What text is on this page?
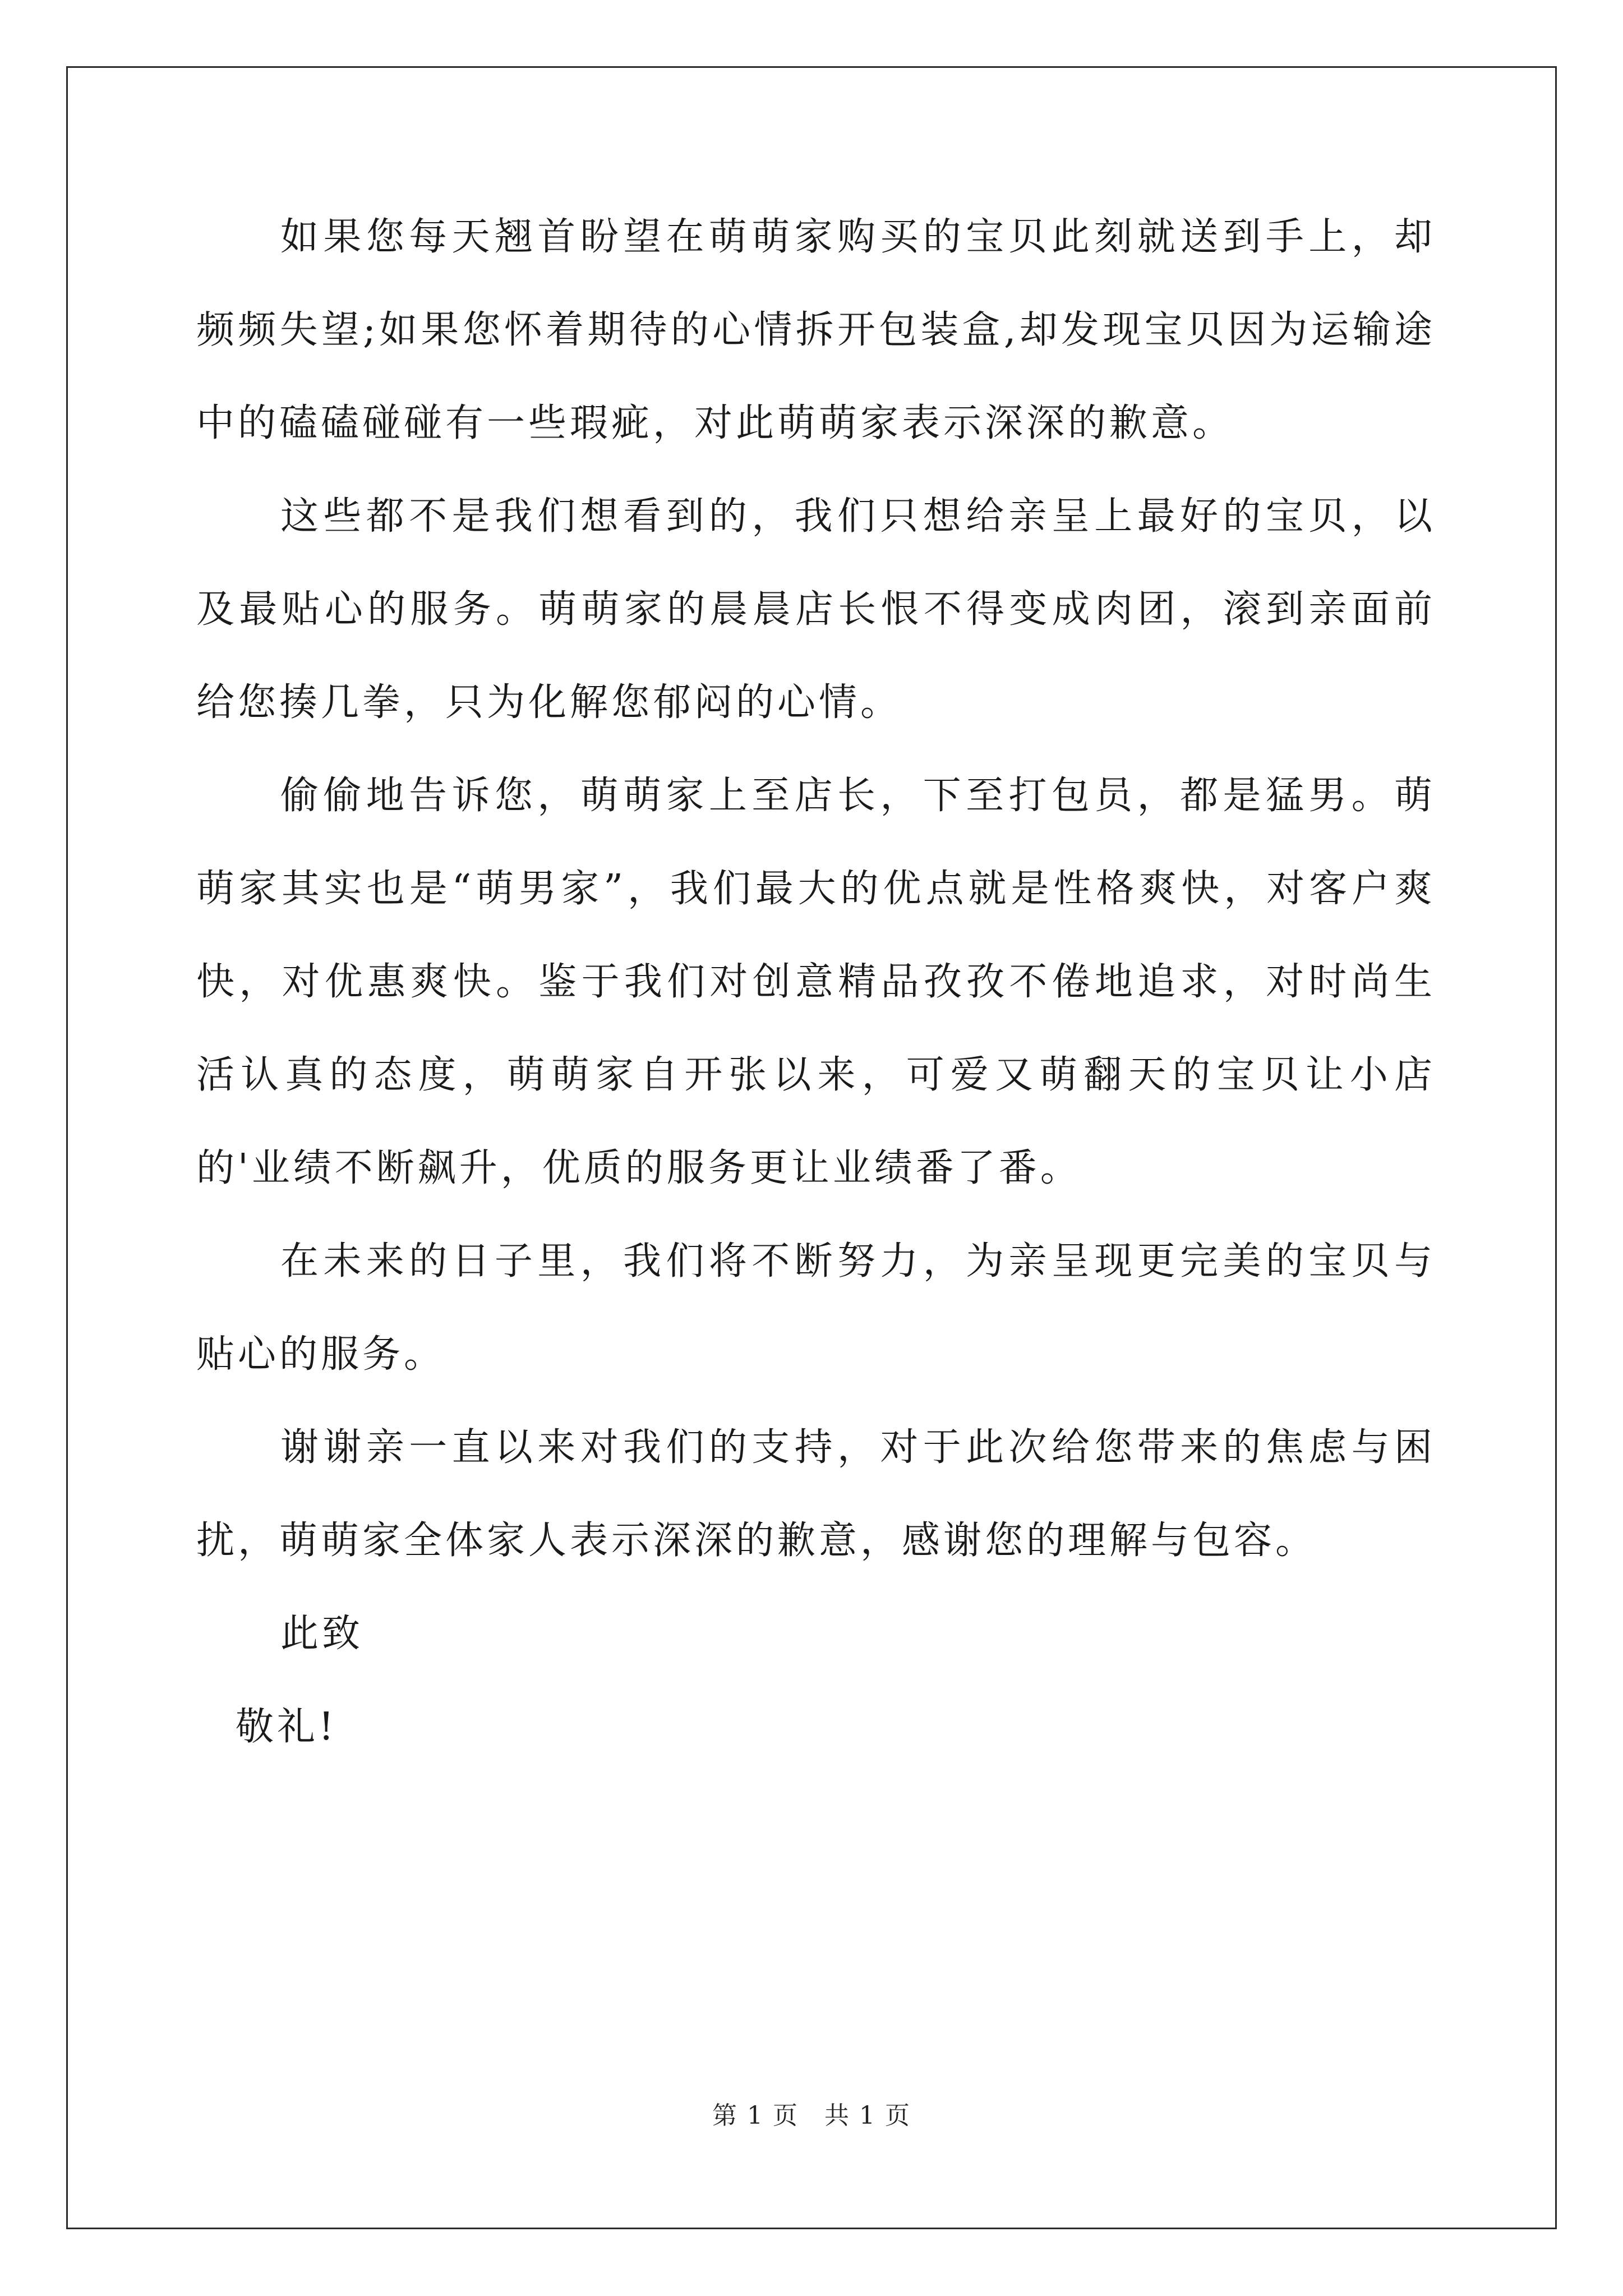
如果您每天翘首盼望在萌萌家购买的宝贝此刻就送到手上，却频频失望;如果您怀着期待的心情拆开包装盒,却发现宝贝因为运输途中的磕磕碰碰有一些瑕疵，对此萌萌家表示深深的歉意。

这些都不是我们想看到的，我们只想给亲呈上最好的宝贝，以及最贴心的服务。萌萌家的晨晨店长恨不得变成肉团，滚到亲面前给您揍几拳，只为化解您郁闷的心情。

偷偷地告诉您，萌萌家上至店长，下至打包员，都是猛男。萌萌家其实也是“萌男家”，我们最大的优点就是性格爽快，对客户爽快，对优惠爽快。鉴于我们对创意精品孜孜不倦地追求，对时尚生活认真的态度，萌萌家自开张以来，可爱又萌翻天的宝贝让小店的'业绩不断飙升，优质的服务更让业绩番了番。

在未来的日子里，我们将不断努力，为亲呈现更完美的宝贝与贴心的服务。

谢谢亲一直以来对我们的支持，对于此次给您带来的焦虑与困扰，萌萌家全体家人表示深深的歉意，感谢您的理解与包容。

此致

敬礼!

第 1 页　共 1 页
